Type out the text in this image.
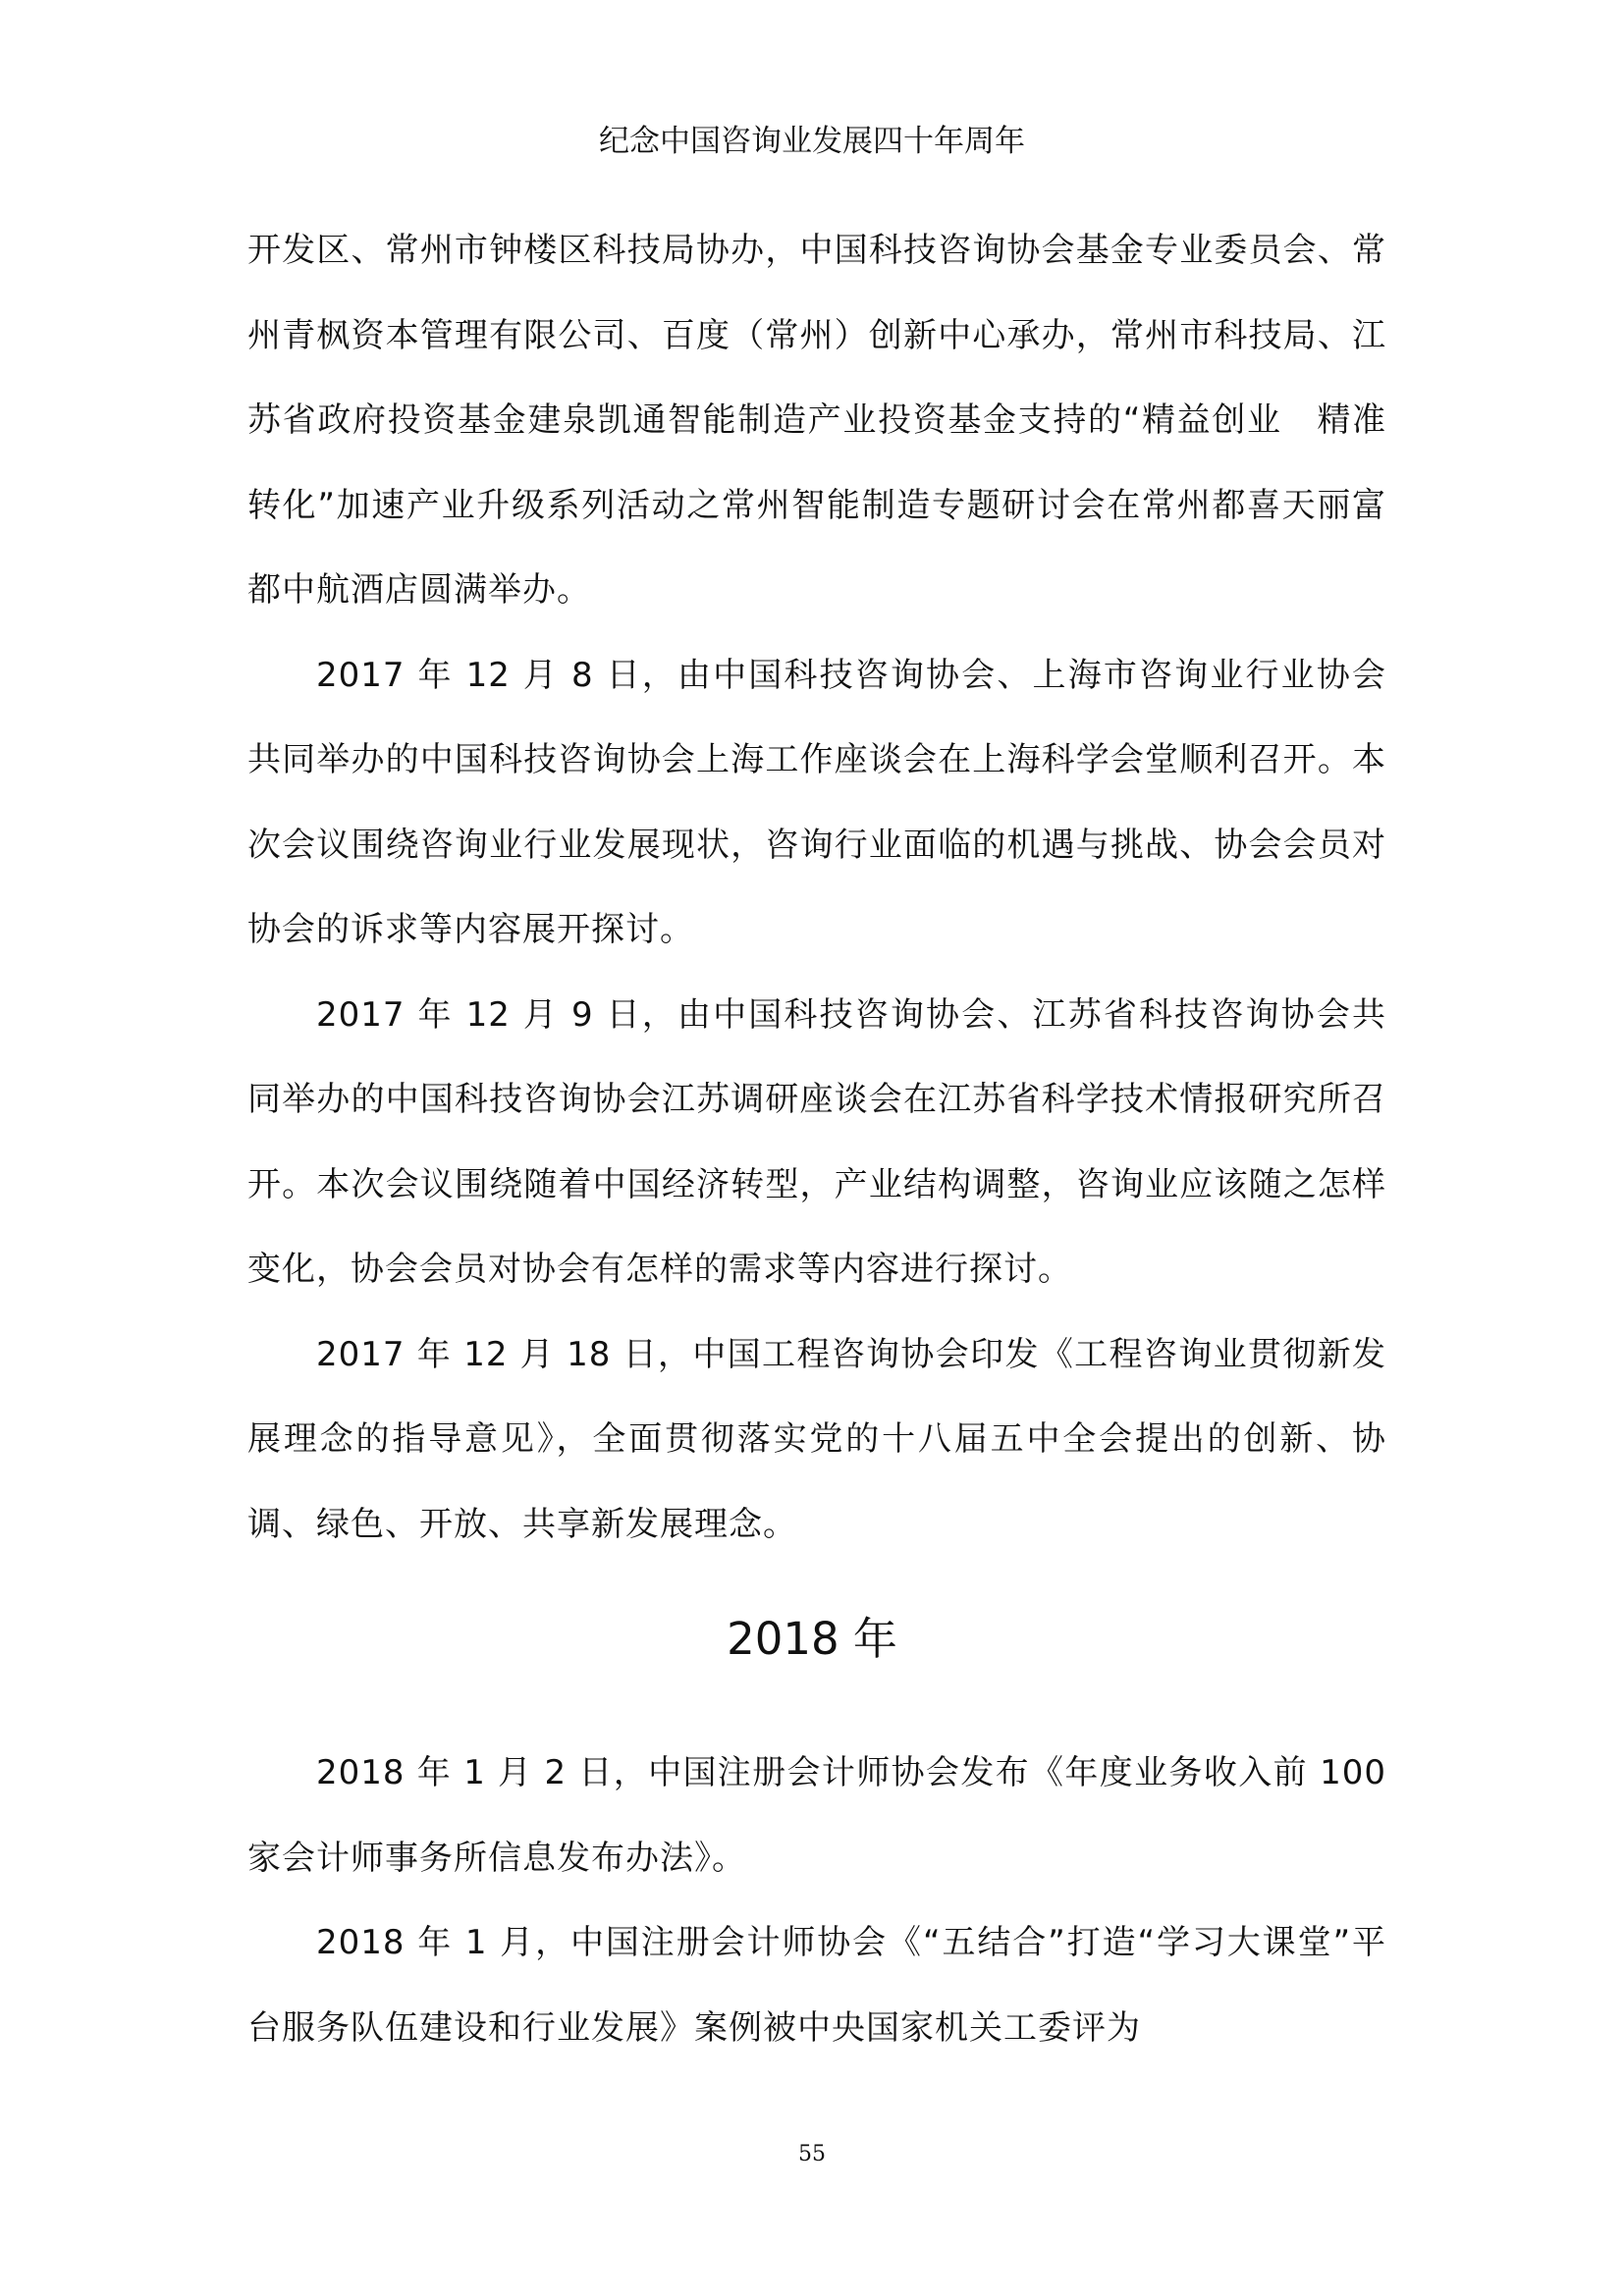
纪念中国咨询业发展四十年周年

开发区、常州市钟楼区科技局协办，中国科技咨询协会基金专业委员会、常州青枫资本管理有限公司、百度（常州）创新中心承办，常州市科技局、江苏省政府投资基金建泉凯通智能制造产业投资基金支持的“精益创业　精准转化”加速产业升级系列活动之常州智能制造专题研讨会在常州都喜天丽富都中航酒店圆满举办。

2017 年 12 月 8 日，由中国科技咨询协会、上海市咨询业行业协会共同举办的中国科技咨询协会上海工作座谈会在上海科学会堂顺利召开。本次会议围绕咨询业行业发展现状，咨询行业面临的机遇与挑战、协会会员对协会的诉求等内容展开探讨。

2017 年 12 月 9 日，由中国科技咨询协会、江苏省科技咨询协会共同举办的中国科技咨询协会江苏调研座谈会在江苏省科学技术情报研究所召开。本次会议围绕随着中国经济转型，产业结构调整，咨询业应该随之怎样变化，协会会员对协会有怎样的需求等内容进行探讨。

2017 年 12 月 18 日，中国工程咨询协会印发《工程咨询业贯彻新发展理念的指导意见》，全面贯彻落实党的十八届五中全会提出的创新、协调、绿色、开放、共享新发展理念。

2018 年

2018 年 1 月 2 日，中国注册会计师协会发布《年度业务收入前 100 家会计师事务所信息发布办法》。

2018 年 1 月，中国注册会计师协会《“五结合”打造“学习大课堂”平台服务队伍建设和行业发展》案例被中央国家机关工委评为

55
